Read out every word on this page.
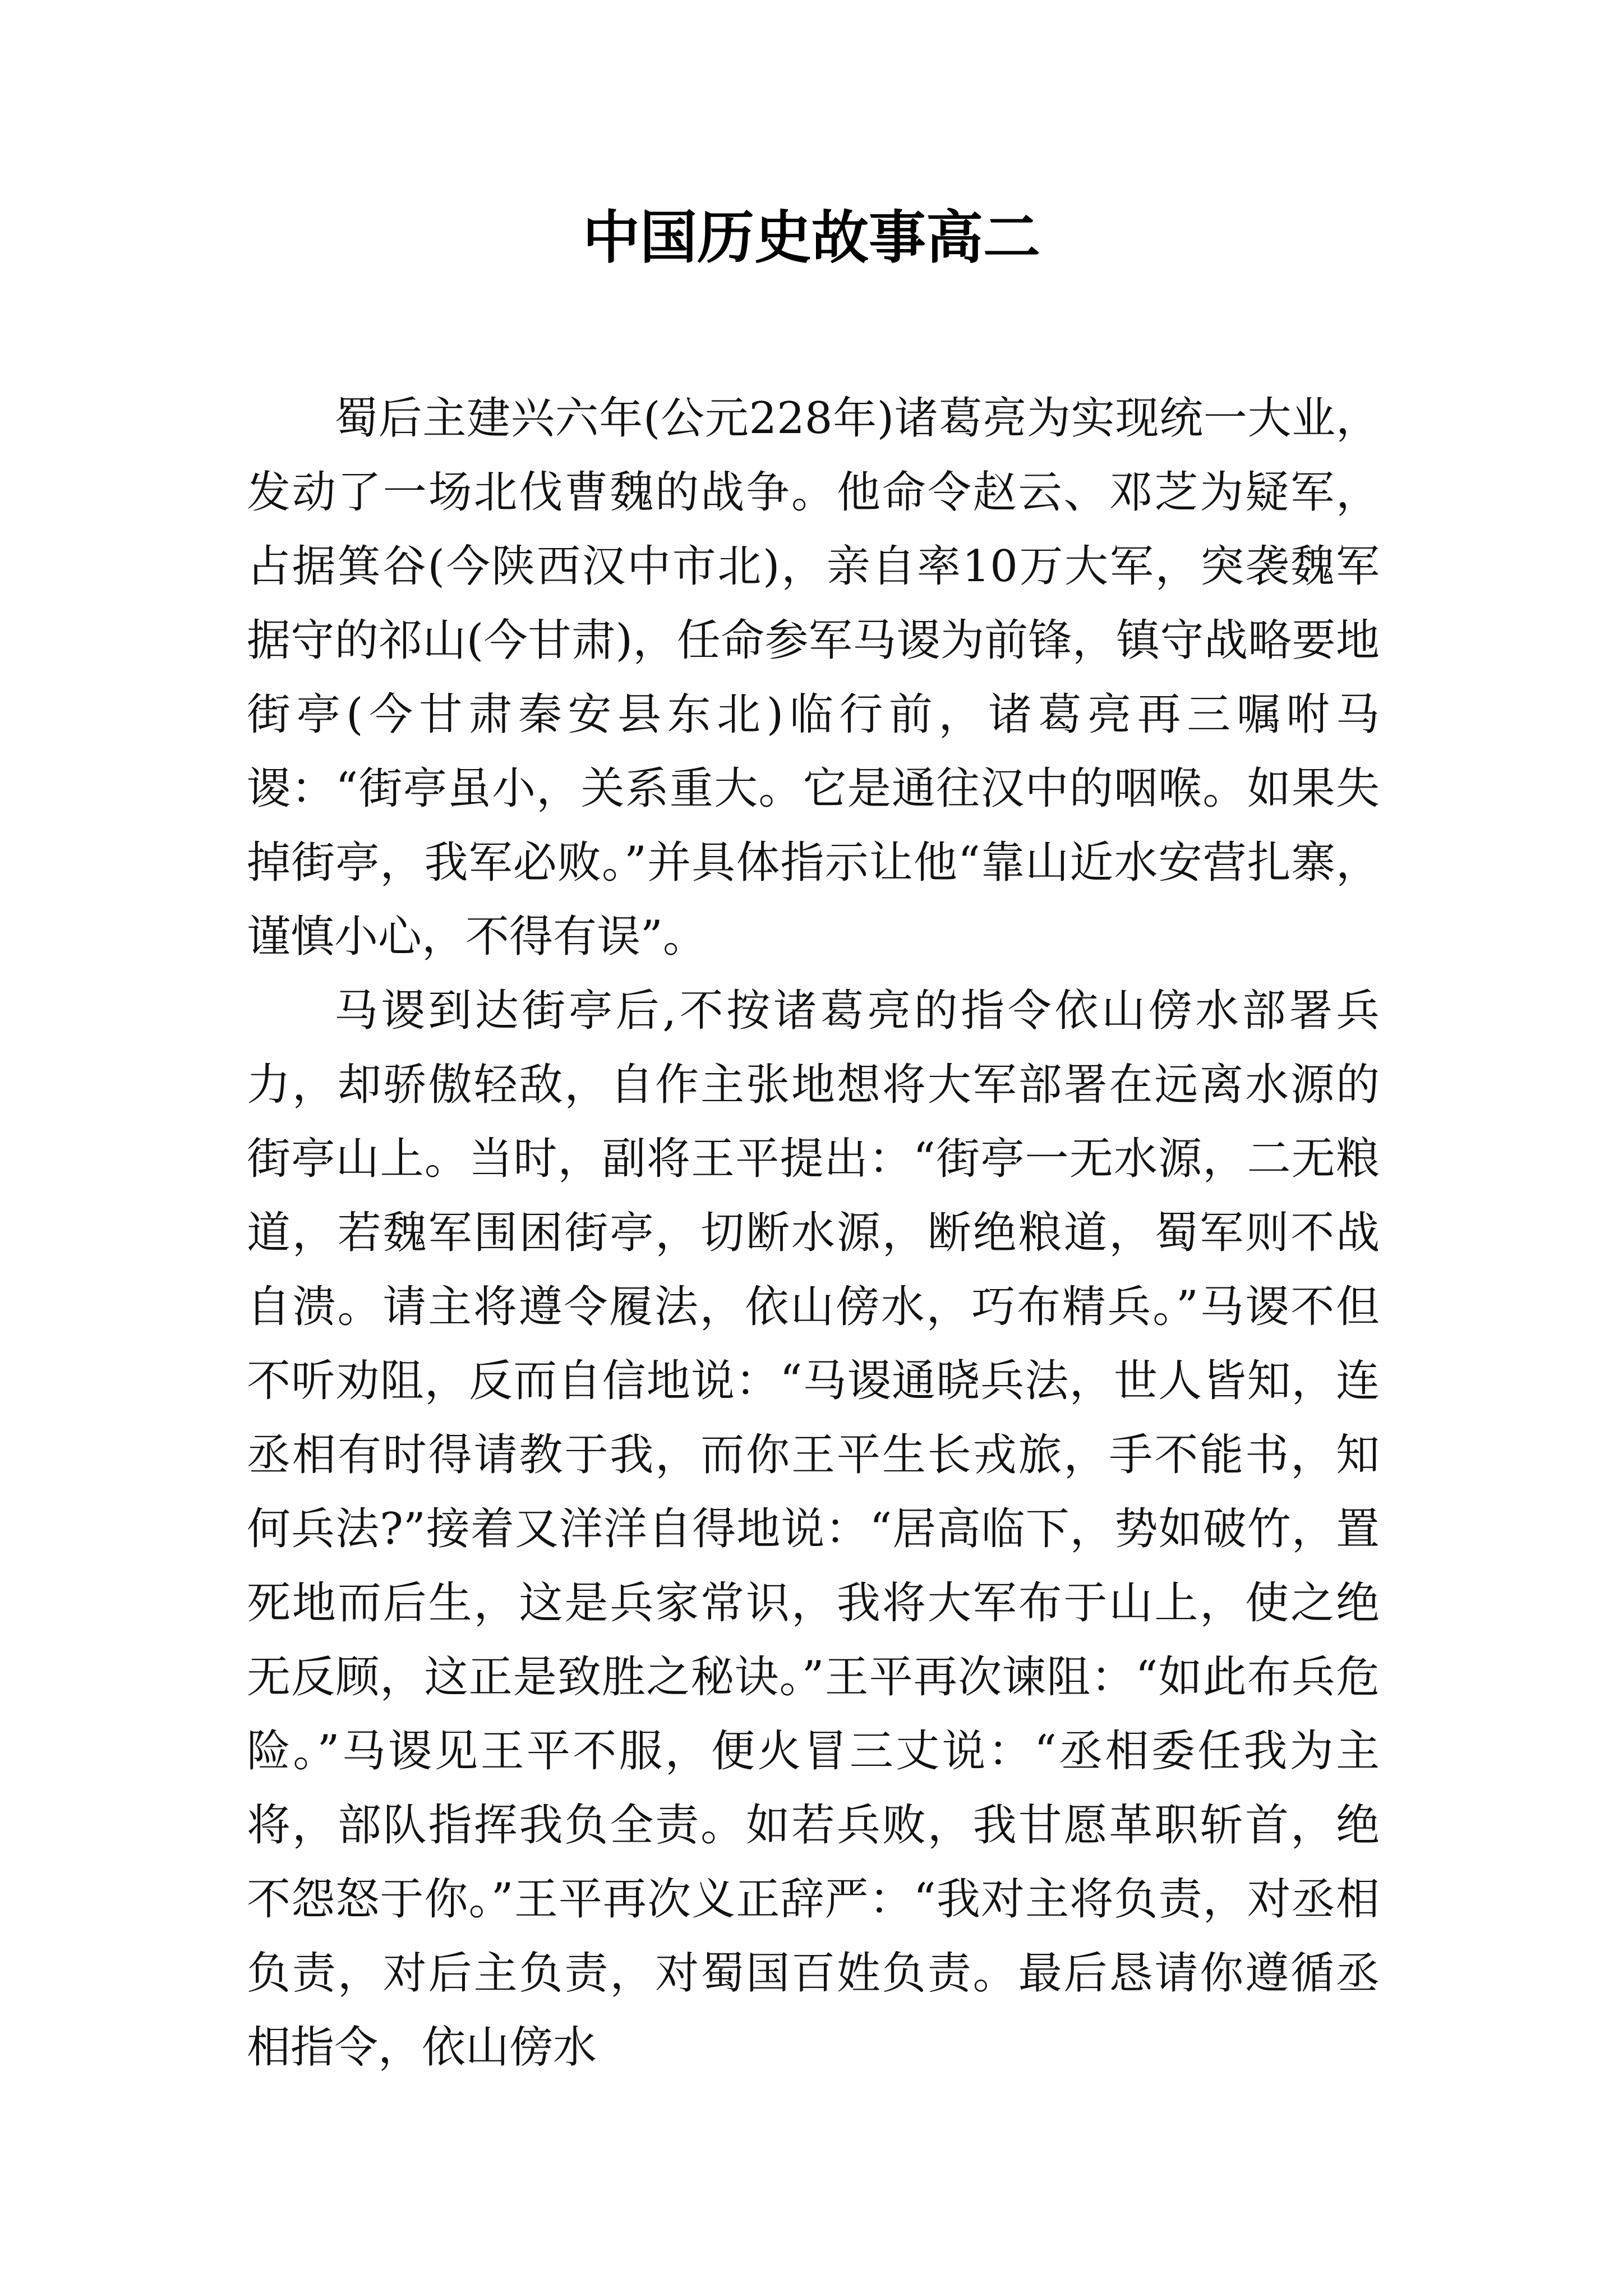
中国历史故事高二

蜀后主建兴六年(公元228年)诸葛亮为实现统一大业，发动了一场北伐曹魏的战争。他命令赵云、邓芝为疑军，占据箕谷(今陕西汉中市北)，亲自率10万大军，突袭魏军据守的祁山(今甘肃)，任命参军马谡为前锋，镇守战略要地街亭(今甘肃秦安县东北)临行前，诸葛亮再三嘱咐马谡：“街亭虽小，关系重大。它是通往汉中的咽喉。如果失掉街亭，我军必败。”并具体指示让他“靠山近水安营扎寨，谨慎小心，不得有误”。

马谡到达街亭后,不按诸葛亮的指令依山傍水部署兵力，却骄傲轻敌，自作主张地想将大军部署在远离水源的街亭山上。当时，副将王平提出：“街亭一无水源，二无粮道，若魏军围困街亭，切断水源，断绝粮道，蜀军则不战自溃。请主将遵令履法，依山傍水，巧布精兵。”马谡不但不听劝阻，反而自信地说：“马谡通晓兵法，世人皆知，连丞相有时得请教于我，而你王平生长戎旅，手不能书，知何兵法?”接着又洋洋自得地说：“居高临下，势如破竹，置死地而后生，这是兵家常识，我将大军布于山上，使之绝无反顾，这正是致胜之秘诀。”王平再次谏阻：“如此布兵危险。”马谡见王平不服，便火冒三丈说：“丞相委任我为主将，部队指挥我负全责。如若兵败，我甘愿革职斩首，绝不怨怒于你。”王平再次义正辞严：“我对主将负责，对丞相负责，对后主负责，对蜀国百姓负责。最后恳请你遵循丞相指令，依山傍水
